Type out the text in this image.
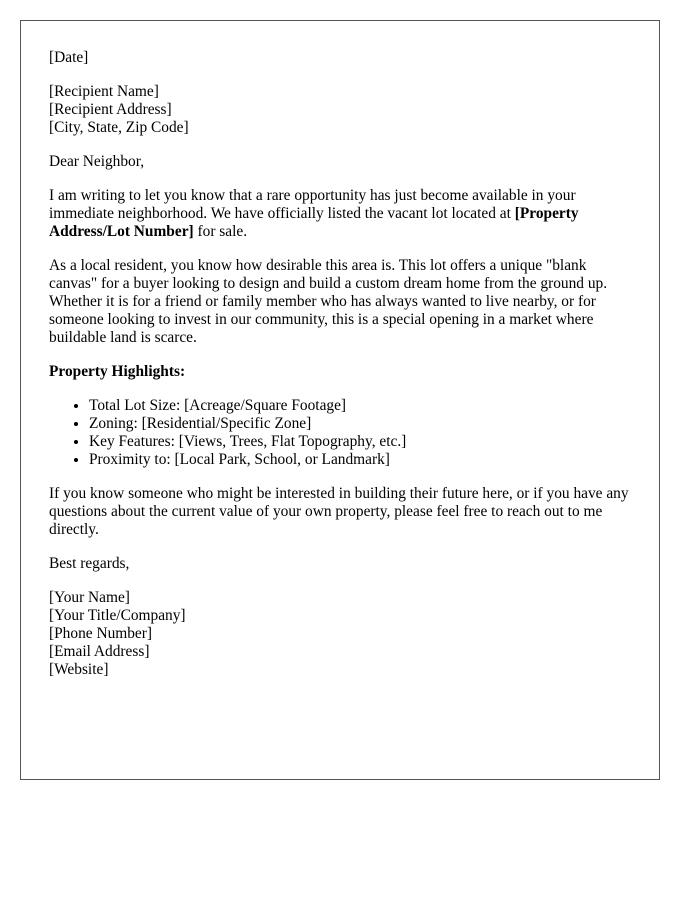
[Date]
[Recipient Name]
[Recipient Address]
[City, State, Zip Code]

Dear Neighbor,

I am writing to let you know that a rare opportunity has just become available in your immediate neighborhood. We have officially listed the vacant lot located at [Property Address/Lot Number] for sale.

As a local resident, you know how desirable this area is. This lot offers a unique "blank canvas" for a buyer looking to design and build a custom dream home from the ground up. Whether it is for a friend or family member who has always wanted to live nearby, or for someone looking to invest in our community, this is a special opening in a market where buildable land is scarce.

Property Highlights:
• Total Lot Size: [Acreage/Square Footage]
• Zoning: [Residential/Specific Zone]
• Key Features: [Views, Trees, Flat Topography, etc.]
• Proximity to: [Local Park, School, or Landmark]

If you know someone who might be interested in building their future here, or if you have any questions about the current value of your own property, please feel free to reach out to me directly.

Best regards,

[Your Name]
[Your Title/Company]
[Phone Number]
[Email Address]
[Website]
